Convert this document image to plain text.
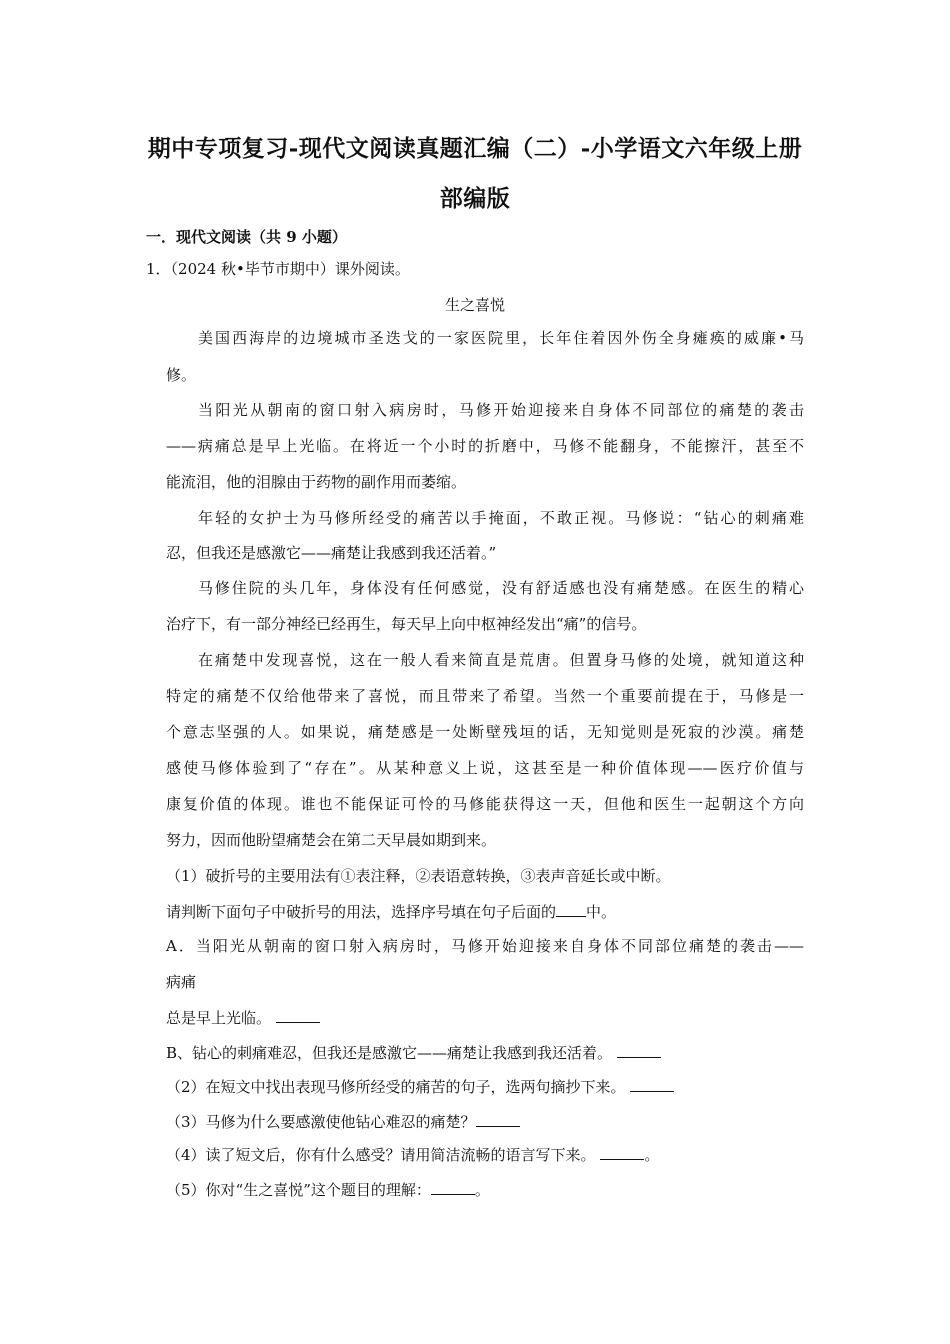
期中专项复习-现代文阅读真题汇编（二）-小学语文六年级上册
部编版
一．现代文阅读（共 9 小题）
1．（2024 秋•毕节市期中）课外阅读。
生之喜悦
美国西海岸的边境城市圣迭戈的一家医院里，长年住着因外伤全身瘫痪的威廉•马
修。
当阳光从朝南的窗口射入病房时，马修开始迎接来自身体不同部位的痛楚的袭击
——病痛总是早上光临。在将近一个小时的折磨中，马修不能翻身，不能擦汗，甚至不
能流泪，他的泪腺由于药物的副作用而萎缩。
年轻的女护士为马修所经受的痛苦以手掩面，不敢正视。马修说：“钻心的刺痛难
忍，但我还是感激它——痛楚让我感到我还活着。”
马修住院的头几年，身体没有任何感觉，没有舒适感也没有痛楚感。在医生的精心
治疗下，有一部分神经已经再生，每天早上向中枢神经发出“痛”的信号。
在痛楚中发现喜悦，这在一般人看来简直是荒唐。但置身马修的处境，就知道这种
特定的痛楚不仅给他带来了喜悦，而且带来了希望。当然一个重要前提在于，马修是一
个意志坚强的人。如果说，痛楚感是一处断壁残垣的话，无知觉则是死寂的沙漠。痛楚
感使马修体验到了“存在”。从某种意义上说，这甚至是一种价值体现——医疗价值与
康复价值的体现。谁也不能保证可怜的马修能获得这一天，但他和医生一起朝这个方向
努力，因而他盼望痛楚会在第二天早晨如期到来。
（1）破折号的主要用法有①表注释，②表语意转换，③表声音延长或中断。
请判断下面句子中破折号的用法，选择序号填在句子后面的 中。
A．当阳光从朝南的窗口射入病房时，马修开始迎接来自身体不同部位痛楚的袭击——
病痛
总是早上光临。
B、钻心的刺痛难忍，但我还是感激它——痛楚让我感到我还活着。
（2）在短文中找出表现马修所经受的痛苦的句子，选两句摘抄下来。
（3）马修为什么要感激使他钻心难忍的痛楚？
（4）读了短文后，你有什么感受？请用简洁流畅的语言写下来。	。
（5）你对“生之喜悦”这个题目的理解：	。
